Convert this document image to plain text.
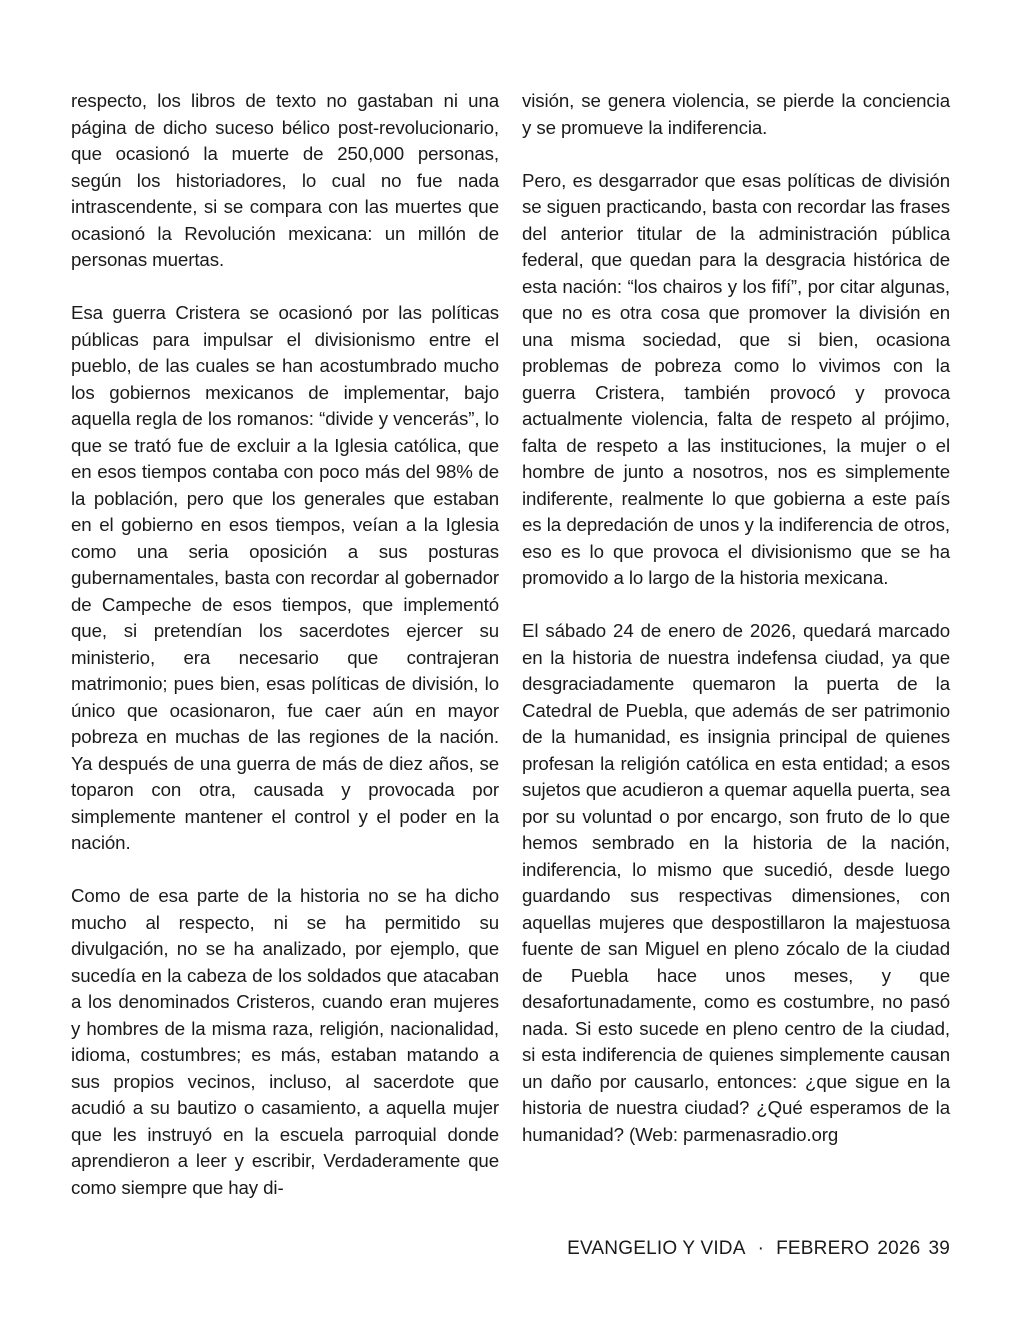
respecto, los libros de texto no gastaban ni una página de dicho suceso bélico post-revolucionario, que ocasionó la muerte de 250,000 personas, según los historiadores, lo cual no fue nada intrascendente, si se compara con las muertes que ocasionó la Revolución mexicana: un millón de personas muertas.

Esa guerra Cristera se ocasionó por las políticas públicas para impulsar el divisionismo entre el pueblo, de las cuales se han acostumbrado mucho los gobiernos mexicanos de implementar, bajo aquella regla de los romanos: “divide y vencerás”, lo que se trató fue de excluir a la Iglesia católica, que en esos tiempos contaba con poco más del 98% de la población, pero que los generales que estaban en el gobierno en esos tiempos, veían a la Iglesia como una seria oposición a sus posturas gubernamentales, basta con recordar al gobernador de Campeche de esos tiempos, que implementó que, si pretendían los sacerdotes ejercer su ministerio, era necesario que contrajeran matrimonio; pues bien, esas políticas de división, lo único que ocasionaron, fue caer aún en mayor pobreza en muchas de las regiones de la nación. Ya después de una guerra de más de diez años, se toparon con otra, causada y provocada por simplemente mantener el control y el poder en la nación.

Como de esa parte de la historia no se ha dicho mucho al respecto, ni se ha permitido su divulgación, no se ha analizado, por ejemplo, que sucedía en la cabeza de los soldados que atacaban a los denominados Cristeros, cuando eran mujeres y hombres de la misma raza, religión, nacionalidad, idioma, costumbres; es más, estaban matando a sus propios vecinos, incluso, al sacerdote que acudió a su bautizo o casamiento, a aquella mujer que les instruyó en la escuela parroquial donde aprendieron a leer y escribir, Verdaderamente que como siempre que hay di-

visión, se genera violencia, se pierde la conciencia y se promueve la indiferencia.

Pero, es desgarrador que esas políticas de división se siguen practicando, basta con recordar las frases del anterior titular de la administración pública federal, que quedan para la desgracia histórica de esta nación: “los chairos y los fifí”, por citar algunas, que no es otra cosa que promover la división en una misma sociedad, que si bien, ocasiona problemas de pobreza como lo vivimos con la guerra Cristera, también provocó y provoca actualmente violencia, falta de respeto al prójimo, falta de respeto a las instituciones, la mujer o el hombre de junto a nosotros, nos es simplemente indiferente, realmente lo que gobierna a este país es la depredación de unos y la indiferencia de otros, eso es lo que provoca el divisionismo que se ha promovido a lo largo de la historia mexicana.

El sábado 24 de enero de 2026, quedará marcado en la historia de nuestra indefensa ciudad, ya que desgraciadamente quemaron la puerta de la Catedral de Puebla, que además de ser patrimonio de la humanidad, es insignia principal de quienes profesan la religión católica en esta entidad; a esos sujetos que acudieron a quemar aquella puerta, sea por su voluntad o por encargo, son fruto de lo que hemos sembrado en la historia de la nación, indiferencia, lo mismo que sucedió, desde luego guardando sus respectivas dimensiones, con aquellas mujeres que despostillaron la majestuosa fuente de san Miguel en pleno zócalo de la ciudad de Puebla hace unos meses, y que desafortunadamente, como es costumbre, no pasó nada. Si esto sucede en pleno centro de la ciudad, si esta indiferencia de quienes simplemente causan un daño por causarlo, entonces: ¿que sigue en la historia de nuestra ciudad? ¿Qué esperamos de la humanidad? (Web: parmenasradio.org

EVANGELIO Y VIDA · FEBRERO 2026 39
